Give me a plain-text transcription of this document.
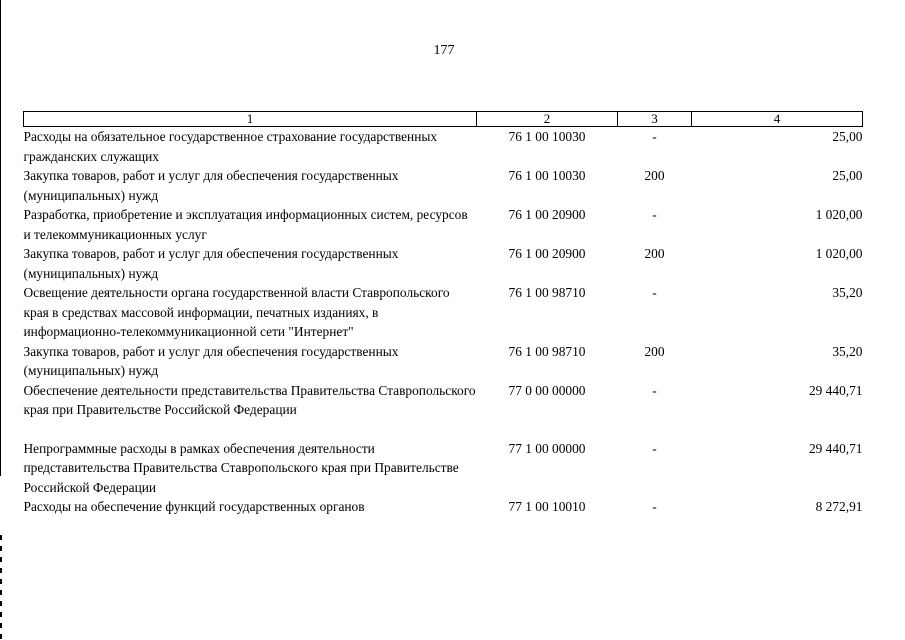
177
1	2	3	4
Расходы на обязательное государственное страхование государственных гражданских служащих	76 1 00 10030	-	25,00
Закупка товаров, работ и услуг для обеспечения государственных (муниципальных) нужд	76 1 00 10030	200	25,00
Разработка, приобретение и эксплуатация информационных систем, ресурсов и телекоммуникационных услуг	76 1 00 20900	-	1 020,00
Закупка товаров, работ и услуг для обеспечения государственных (муниципальных) нужд	76 1 00 20900	200	1 020,00
Освещение деятельности органа государственной власти Ставропольского края в средствах массовой информации, печатных изданиях, в информационно-телекоммуникационной сети "Интернет"	76 1 00 98710	-	35,20
Закупка товаров, работ и услуг для обеспечения государственных (муниципальных) нужд	76 1 00 98710	200	35,20
Обеспечение деятельности представительства Правительства Ставропольского края при Правительстве Российской Федерации	77 0 00 00000	-	29 440,71
Непрограммные расходы в рамках обеспечения деятельности представительства Правительства Ставропольского края при Правительстве Российской Федерации	77 1 00 00000	-	29 440,71
Расходы на обеспечение функций государственных органов	77 1 00 10010	-	8 272,91
